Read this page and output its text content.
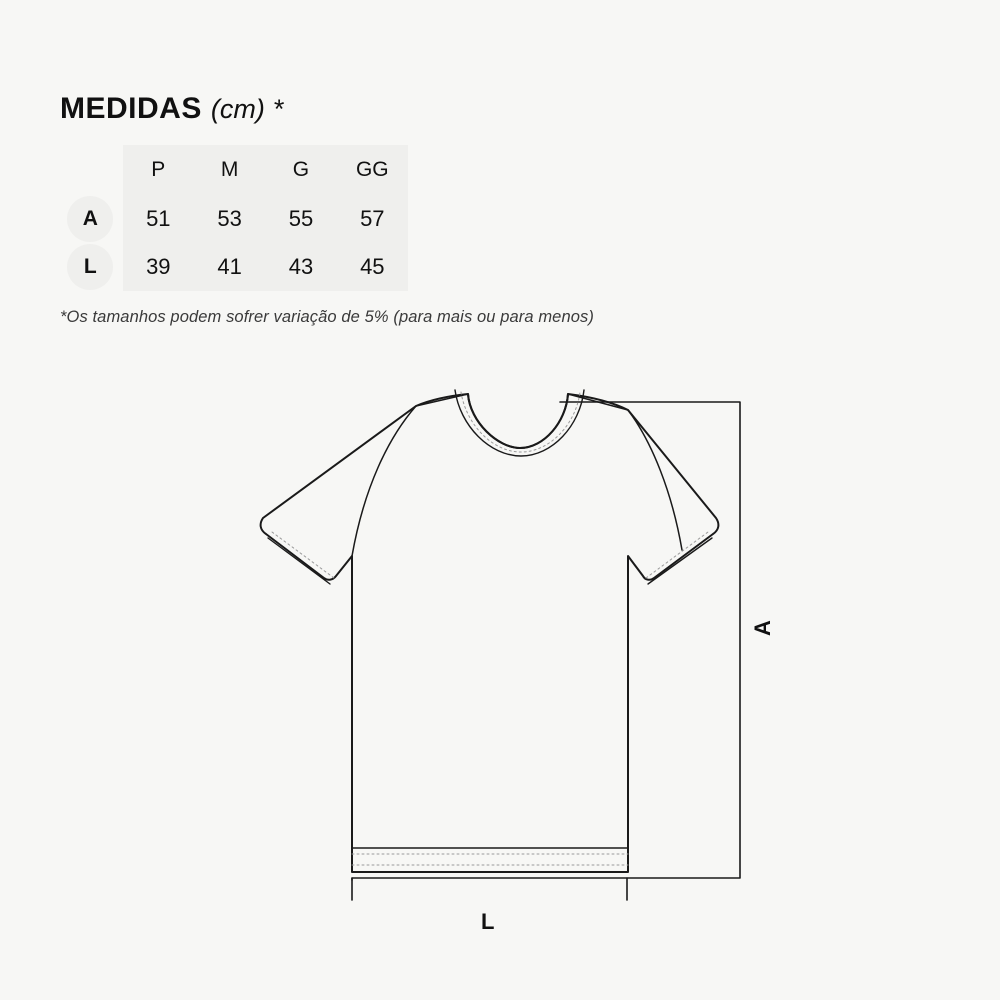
MEDIDAS (cm) *
	P	M	G	GG

A	51	53	55	57

L	39	41	43	45
*Os tamanhos podem sofrer variação de 5% (para mais ou para menos)
A
L
